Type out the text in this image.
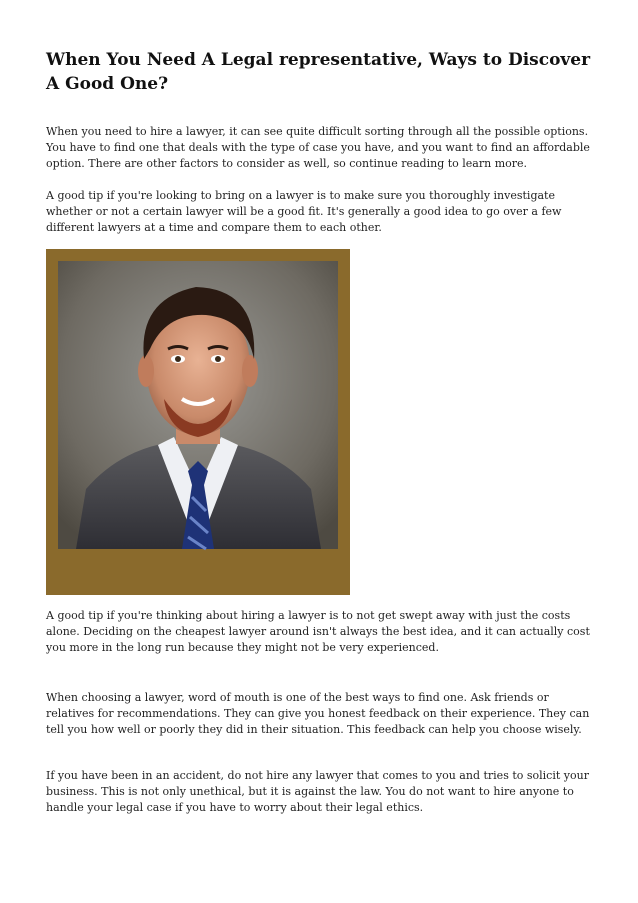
When You Need A Legal representative, Ways to Discover A Good One?

When you need to hire a lawyer, it can see quite difficult sorting through all the possible options. You have to find one that deals with the type of case you have, and you want to find an affordable option. There are other factors to consider as well, so continue reading to learn more.

A good tip if you're looking to bring on a lawyer is to make sure you thoroughly investigate whether or not a certain lawyer will be a good fit. It's generally a good idea to go over a few different lawyers at a time and compare them to each other.

A good tip if you're thinking about hiring a lawyer is to not get swept away with just the costs alone. Deciding on the cheapest lawyer around isn't always the best idea, and it can actually cost you more in the long run because they might not be very experienced.

When choosing a lawyer, word of mouth is one of the best ways to find one. Ask friends or relatives for recommendations. They can give you honest feedback on their experience. They can tell you how well or poorly they did in their situation. This feedback can help you choose wisely.

If you have been in an accident, do not hire any lawyer that comes to you and tries to solicit your business. This is not only unethical, but it is against the law. You do not want to hire anyone to handle your legal case if you have to worry about their legal ethics.
